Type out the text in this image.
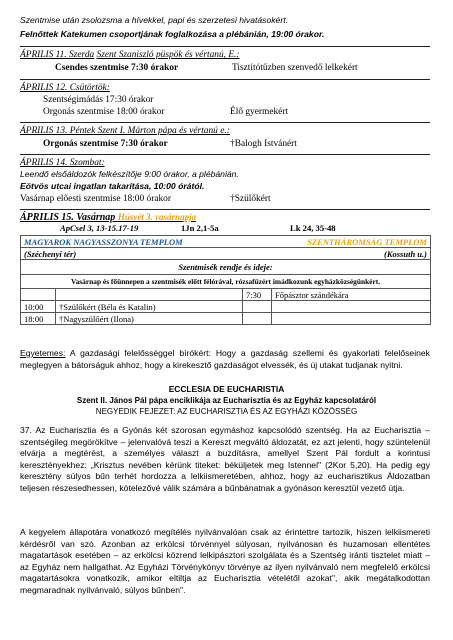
Szentmise után zsolozsma a hívekkel, papi és szerzetesi hivatásokért.
Felnőttek Katekumen csoportjának foglalkozása a plébánián, 19:00 órakor.
ÁPRILIS 11. Szerda Szent Szaniszló püspök és vértanú, E.:
Csendes szentmise 7:30 órakor	Tisztítótűzben szenvedő lelkekért
ÁPRILIS 12. Csütörtök:
Szentségimádás 17:30 órakor
Orgonás szentmise 18:00 órakor	Élő gyermekért
ÁPRILIS 13. Péntek Szent I. Márton pápa és vértanú e.:
Orgonás szentmise 7:30 órakor	†Balogh Istvánért
ÁPRILIS 14. Szombat:
Leendő elsőáldozók felkészítője 9:00 órakor, a plébánián.
Eötvös utcai ingatlan takarítása, 10:00 órától.
Vasárnap előesti szentmise 18:00 órakor	†Szülőkért
ÁPRILIS 15. Vasárnap Húsvét 3. vasárnapja
ApCsel 3, 13-15.17-19	1Jn 2,1-5a	Lk 24, 35-48
MAGYAROK NAGYASSZONYA TEMPLOM		SZENTHÁROMSÁG TEMPLOM	
(Széchenyi tér)		(Kossuth u.)	
Szentmisék rendje és ideje:			
Vasárnap és főünnepen a szentmisék előtt félórával, rózsafüzért imádkozunk egyházközségünkért.			
		7:30	Főpásztor szándékára
10:00	†Szülőkért (Béla és Katalin)		
18:00	†Nagyszülőért (Ilona)		
Egyetemes: A gazdasági felelősséggel bírókért: Hogy a gazdaság szellemi és gyakorlati felelőseinek meglegyen a bátorságuk ahhoz, hogy a kirekesztő gazdaságot elvessék, és új utakat tudjanak nyitni.
ECCLESIA DE EUCHARISTIA
Szent II. János Pál pápa enciklikája az Eucharisztia és az Egyház kapcsolatáról
NEGYEDIK FEJEZET: AZ EUCHARISZTIA ÉS AZ EGYHÁZI KÖZÖSSÉG
37. Az Eucharisztia és a Gyónás két szorosan egymáshoz kapcsolódó szentség. Ha az Eucharisztia – szentségileg megörökítve – jelenvalóvá teszi a Kereszt megváltó áldozatát, ez azt jelenti, hogy szüntelenül elvárja a megtérést, a személyes választ a buzdításra, amellyel Szent Pál fordult a korintusi keresztényekhez: „Krisztus nevében kérünk titeket: béküljetek meg Istennel" (2Kor 5,20). Ha pedig egy keresztény súlyos bűn terhét hordozza a lelkiismeretében, ahhoz, hogy az eucharisztikus Áldozatban teljesen részesedhessen, kötelezővé válik számára a bűnbánatnak a gyónáson keresztül vezető útja.
A kegyelem állapotára vonatkozó megítélés nyilvánvalóan csak az érintettre tartozik, hiszen lelkiismereti kérdésről van szó. Azonban az erkölcsi törvénnyel súlyosan, nyilvánosan és huzamosan ellentétes magatartások esetében – az erkölcsi közrend lelkipásztori szolgálata és a Szentség iránti tisztelet miatt – az Egyház nem hallgathat. Az Egyházi Törvénykönyv törvénye az ilyen nyilvánvaló nem megfelelő erkölcsi magatartásokra vonatkozik, amikor eltiltja az Eucharisztia vételétől azokat", akik megátalkodottan megmaradnak nyilvánvaló, súlyos bűnben".
